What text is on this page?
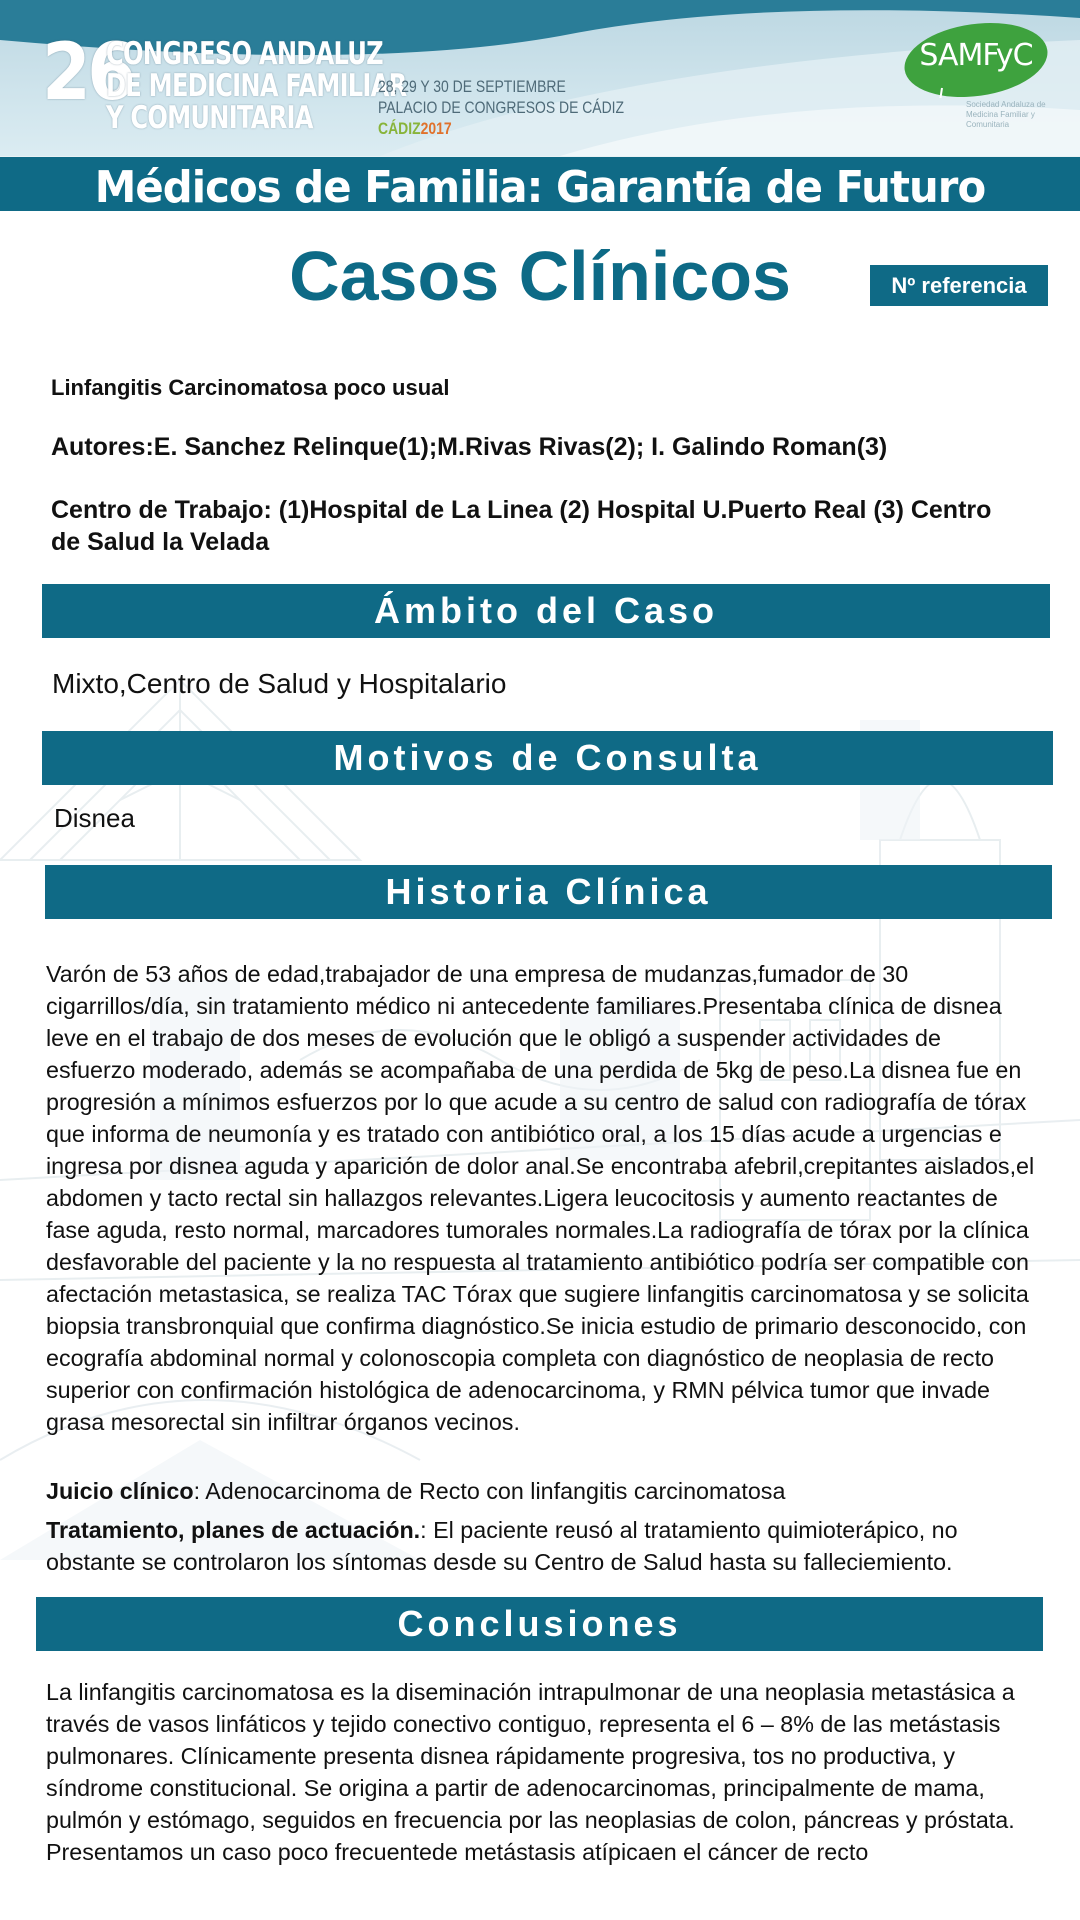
26
CONGRESO ANDALUZ
DE MEDICINA FAMILIAR
Y COMUNITARIA
28, 29 Y 30 DE SEPTIEMBRE
PALACIO DE CONGRESOS DE CÁDIZ
CÁDIZ2017
SAMFyC
Sociedad Andaluza de Medicina Familiar y Comunitaria
Médicos de Familia: Garantía de Futuro
Casos Clínicos	Nº referencia
Linfangitis Carcinomatosa poco usual
Autores:E. Sanchez Relinque(1);M.Rivas Rivas(2); I. Galindo Roman(3)
Centro de Trabajo: (1)Hospital de La Linea (2) Hospital U.Puerto Real (3) Centro de Salud la Velada
Ámbito del Caso
Mixto,Centro de Salud y Hospitalario
Motivos de Consulta
Disnea
Historia Clínica
Varón de 53 años de edad,trabajador de una empresa de mudanzas,fumador de 30 cigarrillos/día, sin tratamiento médico ni antecedente familiares.Presentaba clínica de disnea leve en el trabajo de dos meses de evolución que le obligó a suspender actividades de esfuerzo moderado, además se acompañaba de una perdida de 5kg de peso.La disnea fue en progresión a mínimos esfuerzos por lo que acude a su centro de salud con radiografía de tórax que informa de neumonía y es tratado con antibiótico oral, a los 15 días acude a urgencias e ingresa por disnea aguda y aparición de dolor anal.Se encontraba afebril,crepitantes aislados,el abdomen y tacto rectal sin hallazgos relevantes.Ligera leucocitosis y aumento reactantes de fase aguda, resto normal, marcadores tumorales normales.La radiografía de tórax por la clínica desfavorable del paciente y la no respuesta al tratamiento antibiótico podría ser compatible con afectación metastasica, se realiza TAC Tórax que sugiere linfangitis carcinomatosa y se solicita biopsia transbronquial que confirma diagnóstico.Se inicia estudio de primario desconocido, con ecografía abdominal normal y colonoscopia completa con diagnóstico de neoplasia de recto superior con confirmación histológica de adenocarcinoma, y RMN pélvica tumor que invade grasa mesorectal sin infiltrar órganos vecinos.
Juicio clínico: Adenocarcinoma de Recto con linfangitis carcinomatosa
Tratamiento, planes de actuación.: El paciente reusó al tratamiento quimioterápico, no obstante se controlaron los síntomas desde su Centro de Salud hasta su falleciemiento.
Conclusiones
La linfangitis carcinomatosa es la diseminación intrapulmonar de una neoplasia metastásica a través de vasos linfáticos y tejido conectivo contiguo, representa el 6 – 8% de las metástasis pulmonares. Clínicamente presenta disnea rápidamente progresiva, tos no productiva, y síndrome constitucional. Se origina a partir de adenocarcinomas, principalmente de mama, pulmón y estómago, seguidos en frecuencia por las neoplasias de colon, páncreas y próstata. Presentamos un caso poco frecuentede metástasis atípicaen el cáncer de recto
